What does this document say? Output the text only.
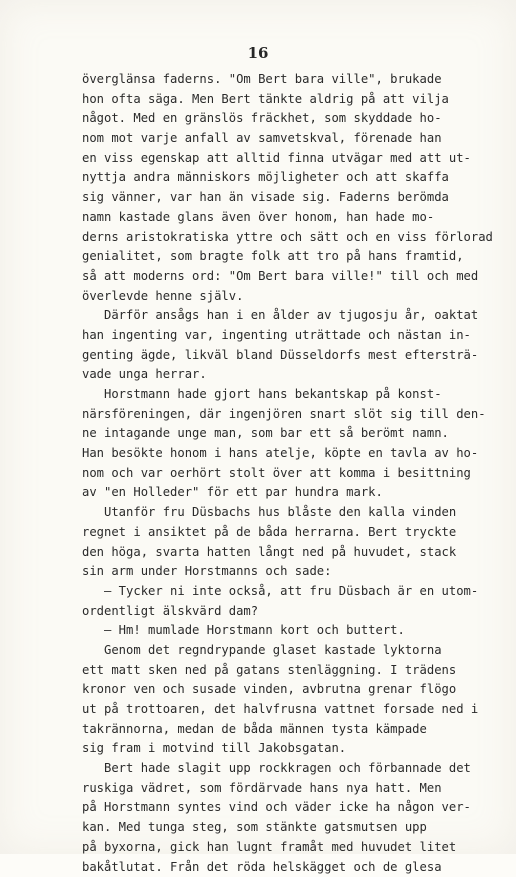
16
överglänsa faderns. "Om Bert bara ville", brukade
hon ofta säga. Men Bert tänkte aldrig på att vilja
något. Med en gränslös fräckhet, som skyddade ho-
nom mot varje anfall av samvetskval, förenade han
en viss egenskap att alltid finna utvägar med att ut-
nyttja andra människors möjligheter och att skaffa
sig vänner, var han än visade sig. Faderns berömda
namn kastade glans även över honom, han hade mo-
derns aristokratiska yttre och sätt och en viss förlorad
genialitet, som bragte folk att tro på hans framtid,
så att moderns ord: "Om Bert bara ville!" till och med
överlevde henne själv.
Därför ansågs han i en ålder av tjugosju år, oaktat
han ingenting var, ingenting uträttade och nästan in-
genting ägde, likväl bland Düsseldorfs mest eftersträ-
vade unga herrar.
Horstmann hade gjort hans bekantskap på konst-
närsföreningen, där ingenjören snart slöt sig till den-
ne intagande unge man, som bar ett så berömt namn.
Han besökte honom i hans atelje, köpte en tavla av ho-
nom och var oerhört stolt över att komma i besittning
av "en Holleder" för ett par hundra mark.
Utanför fru Düsbachs hus blåste den kalla vinden
regnet i ansiktet på de båda herrarna. Bert tryckte
den höga, svarta hatten långt ned på huvudet, stack
sin arm under Horstmanns och sade:
— Tycker ni inte också, att fru Düsbach är en utom-
ordentligt älskvärd dam?
— Hm! mumlade Horstmann kort och buttert.
Genom det regndrypande glaset kastade lyktorna
ett matt sken ned på gatans stenläggning. I trädens
kronor ven och susade vinden, avbrutna grenar flögo
ut på trottoaren, det halvfrusna vattnet forsade ned i
takrännorna, medan de båda männen tysta kämpade
sig fram i motvind till Jakobsgatan.
Bert hade slagit upp rockkragen och förbannade det
ruskiga vädret, som fördärvade hans nya hatt. Men
på Horstmann syntes vind och väder icke ha någon ver-
kan. Med tunga steg, som stänkte gatsmutsen upp
på byxorna, gick han lugnt framåt med huvudet litet
bakåtlutat. Från det röda helskägget och de glesa
